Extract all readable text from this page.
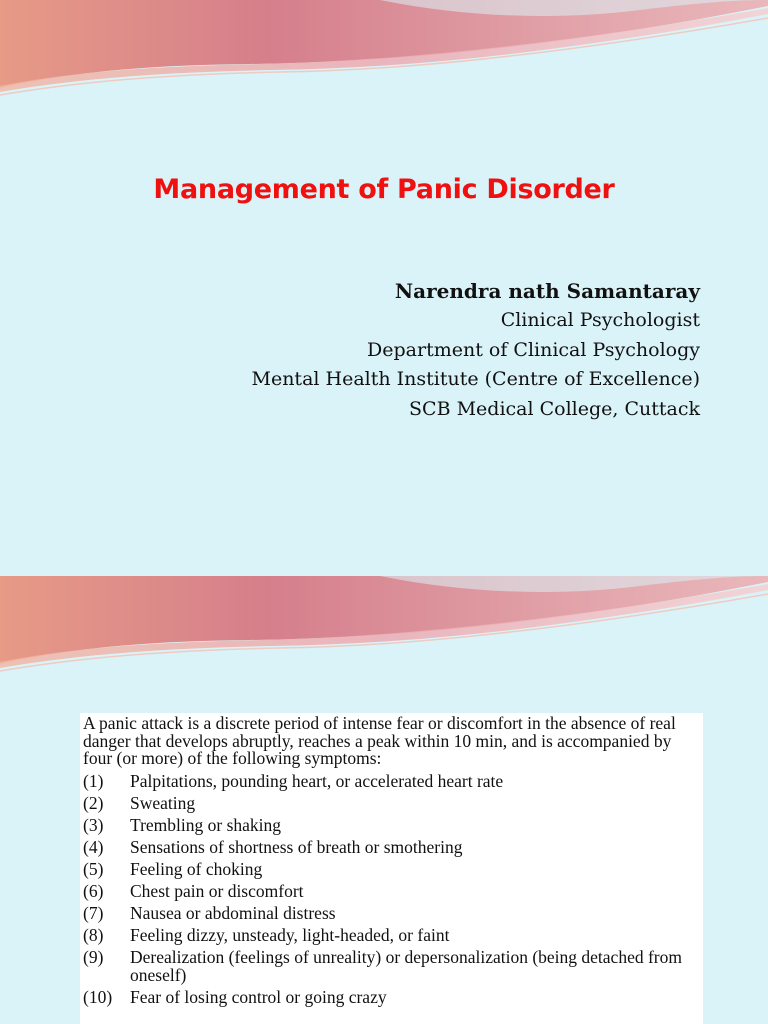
Management of Panic Disorder
Narendra nath Samantaray
Clinical Psychologist
Department of Clinical Psychology
Mental Health Institute (Centre of Excellence)
SCB Medical College, Cuttack
A panic attack is a discrete period of intense fear or discomfort in the absence of real danger that develops abruptly, reaches a peak within 10 min, and is accompanied by four (or more) of the following symptoms:
(1)	Palpitations, pounding heart, or accelerated heart rate
(2)	Sweating
(3)	Trembling or shaking
(4)	Sensations of shortness of breath or smothering
(5)	Feeling of choking
(6)	Chest pain or discomfort
(7)	Nausea or abdominal distress
(8)	Feeling dizzy, unsteady, light-headed, or faint
(9)	Derealization (feelings of unreality) or depersonalization (being detached from oneself)
(10)	Fear of losing control or going crazy
